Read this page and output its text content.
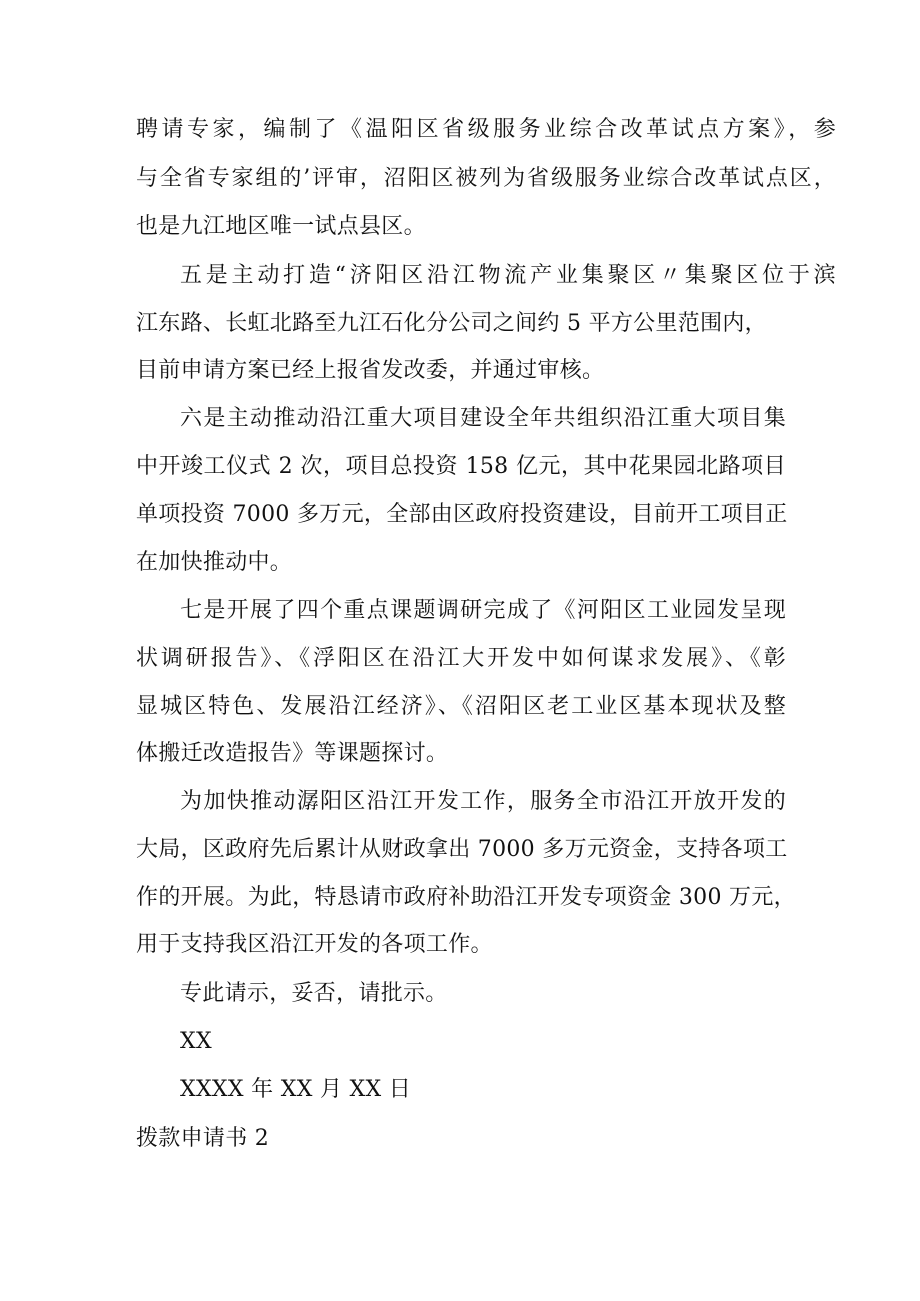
聘请专家，编制了《温阳区省级服务业综合改革试点方案》，参
与全省专家组的’评审，沼阳区被列为省级服务业综合改革试点区，
也是九江地区唯一试点县区。
五是主动打造“济阳区沿江物流产业集聚区〃集聚区位于滨
江东路、长虹北路至九江石化分公司之间约 5 平方公里范围内，
目前申请方案已经上报省发改委，并通过审核。
六是主动推动沿江重大项目建设全年共组织沿江重大项目集
中开竣工仪式 2 次，项目总投资 158 亿元，其中花果园北路项目
单项投资 7000 多万元，全部由区政府投资建设，目前开工项目正
在加快推动中。
七是开展了四个重点课题调研完成了《河阳区工业园发呈现
状调研报告》、《浮阳区在沿江大开发中如何谋求发展》、《彰
显城区特色、发展沿江经济》、《沼阳区老工业区基本现状及整
体搬迁改造报告》等课题探讨。
为加快推动潺阳区沿江开发工作，服务全市沿江开放开发的
大局，区政府先后累计从财政拿出 7000 多万元资金，支持各项工
作的开展。为此，特恳请市政府补助沿江开发专项资金 300 万元，
用于支持我区沿江开发的各项工作。
专此请示，妥否，请批示。
XX
XXXX 年 XX 月 XX 日
拨款申请书 2
